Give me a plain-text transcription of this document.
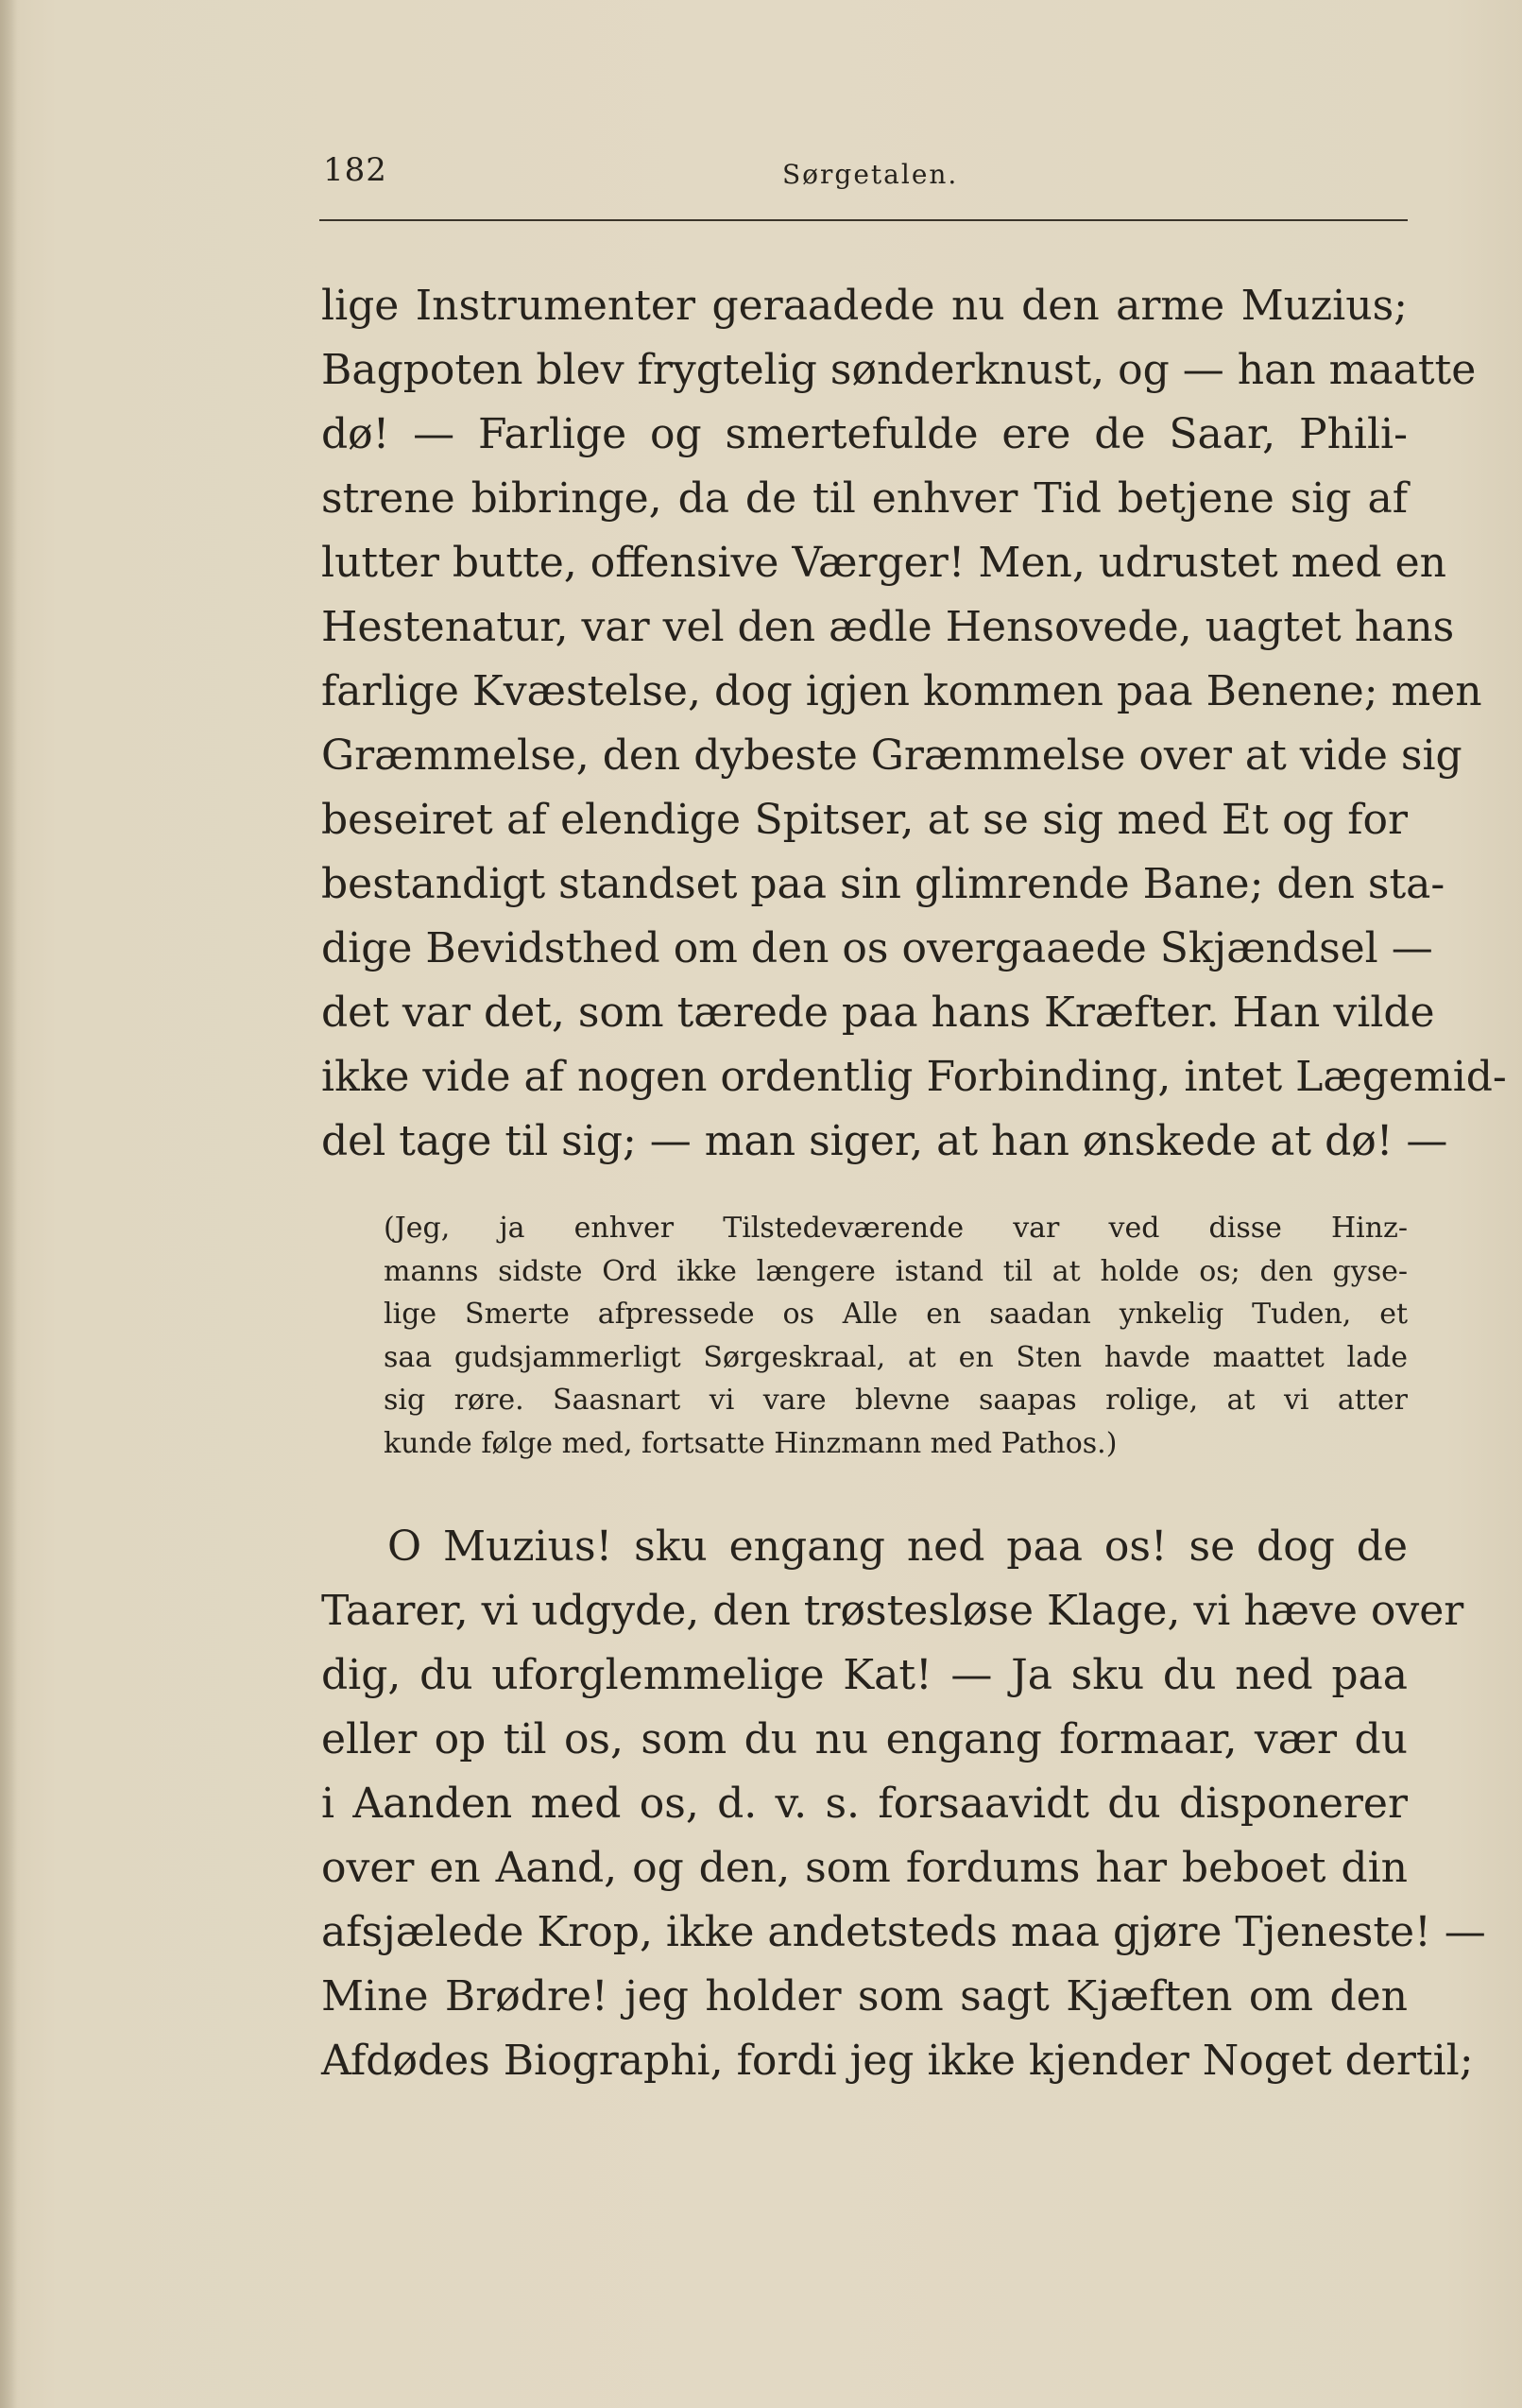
182	Sørgetalen.
lige Instrumenter geraadede nu den arme Muzius;
Bagpoten blev frygtelig sønderknust, og — han maatte
dø! — Farlige og smertefulde ere de Saar, Phili-
strene bibringe, da de til enhver Tid betjene sig af
lutter butte, offensive Værger! Men, udrustet med en
Hestenatur, var vel den ædle Hensovede, uagtet hans
farlige Kvæstelse, dog igjen kommen paa Benene; men
Græmmelse, den dybeste Græmmelse over at vide sig
beseiret af elendige Spitser, at se sig med Et og for
bestandigt standset paa sin glimrende Bane; den sta-
dige Bevidsthed om den os overgaaede Skjændsel —
det var det, som tærede paa hans Kræfter. Han vilde
ikke vide af nogen ordentlig Forbinding, intet Lægemid-
del tage til sig; — man siger, at han ønskede at dø! —
(Jeg, ja enhver Tilstedeværende var ved disse Hinz-
manns sidste Ord ikke længere istand til at holde os; den gyse-
lige Smerte afpressede os Alle en saadan ynkelig Tuden, et
saa gudsjammerligt Sørgeskraal, at en Sten havde maattet lade
sig røre. Saasnart vi vare blevne saapas rolige, at vi atter
kunde følge med, fortsatte Hinzmann med Pathos.)
O Muzius! sku engang ned paa os! se dog de
Taarer, vi udgyde, den trøstesløse Klage, vi hæve over
dig, du uforglemmelige Kat! — Ja sku du ned paa
eller op til os, som du nu engang formaar, vær du
i Aanden med os, d. v. s. forsaavidt du disponerer
over en Aand, og den, som fordums har beboet din
afsjælede Krop, ikke andetsteds maa gjøre Tjeneste! —
Mine Brødre! jeg holder som sagt Kjæften om den
Afdødes Biographi, fordi jeg ikke kjender Noget dertil;
